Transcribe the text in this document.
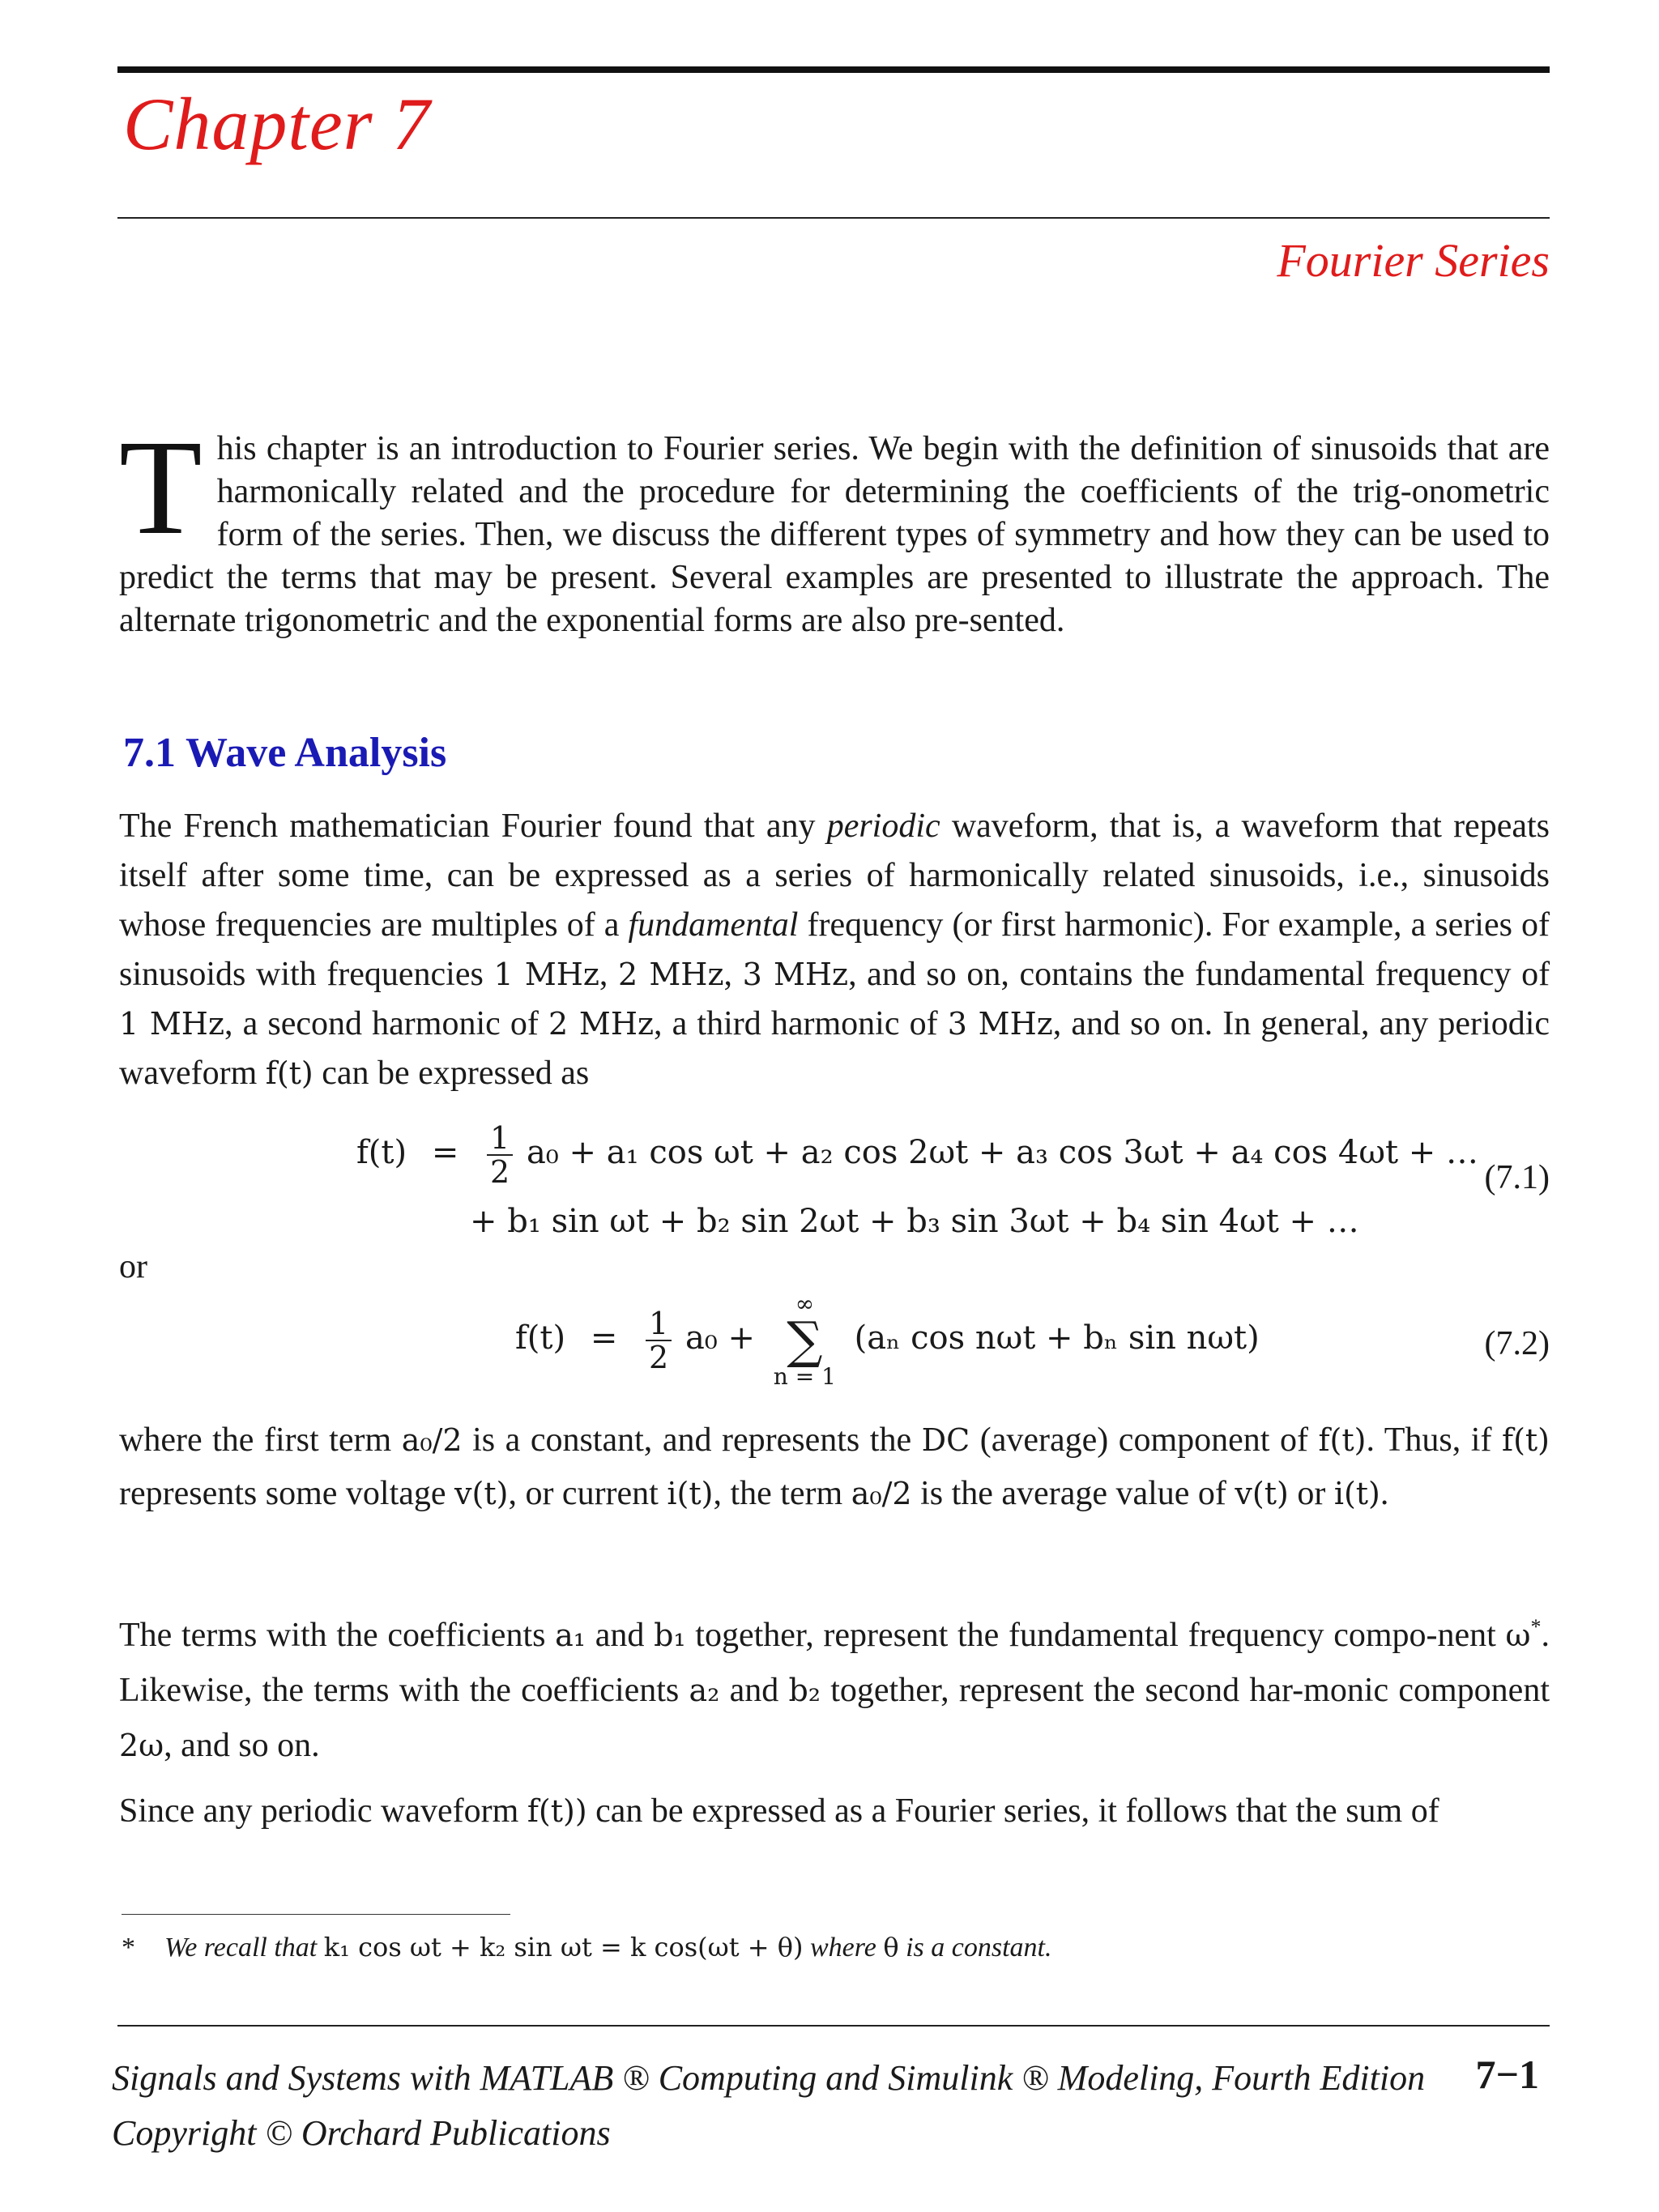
Chapter 7
Fourier Series
T his chapter is an introduction to Fourier series. We begin with the definition of sinusoids that are harmonically related and the procedure for determining the coefficients of the trig-onometric form of the series. Then, we discuss the different types of symmetry and how they can be used to predict the terms that may be present. Several examples are presented to illustrate the approach. The alternate trigonometric and the exponential forms are also pre-sented.
7.1 Wave Analysis
The French mathematician Fourier found that any periodic waveform, that is, a waveform that repeats itself after some time, can be expressed as a series of harmonically related sinusoids, i.e., sinusoids whose frequencies are multiples of a fundamental frequency (or first harmonic). For example, a series of sinusoids with frequencies 1 MHz, 2 MHz, 3 MHz, and so on, contains the fundamental frequency of 1 MHz, a second harmonic of 2 MHz, a third harmonic of 3 MHz, and so on. In general, any periodic waveform f(t) can be expressed as
$f(t) = \frac{1}{2} a_0 + a_1$ cos ωt + a₂ cos 2ωt + a₃ cos 3ωt + a₄ cos 4ωt + …
+ b₁ sin ωt + b₂ sin 2ωt + b₃ sin 3ωt + b₄ sin 4ωt + …
(7.1)
or
$f(t) = \frac{1}{2} a_0$ +
∞
∑
n = 1
(aₙ cos nωt + bₙ sin nωt)	(7.2)
where the first term a₀/2 is a constant, and represents the DC (average) component of f(t). Thus, if f(t) represents some voltage v(t), or current i(t), the term a₀/2 is the average value of v(t) or i(t).
The terms with the coefficients a₁ and b₁ together, represent the fundamental frequency compo-nent ω*. Likewise, the terms with the coefficients a₂ and b₂ together, represent the second har-monic component 2ω, and so on.
Since any periodic waveform f(t)) can be expressed as a Fourier series, it follows that the sum of
* We recall that k₁ cos ωt + k₂ sin ωt = k cos(ωt + θ) where θ is a constant.
Signals and Systems with MATLAB ® Computing and Simulink ® Modeling, Fourth Edition
Copyright © Orchard Publications
7−1
